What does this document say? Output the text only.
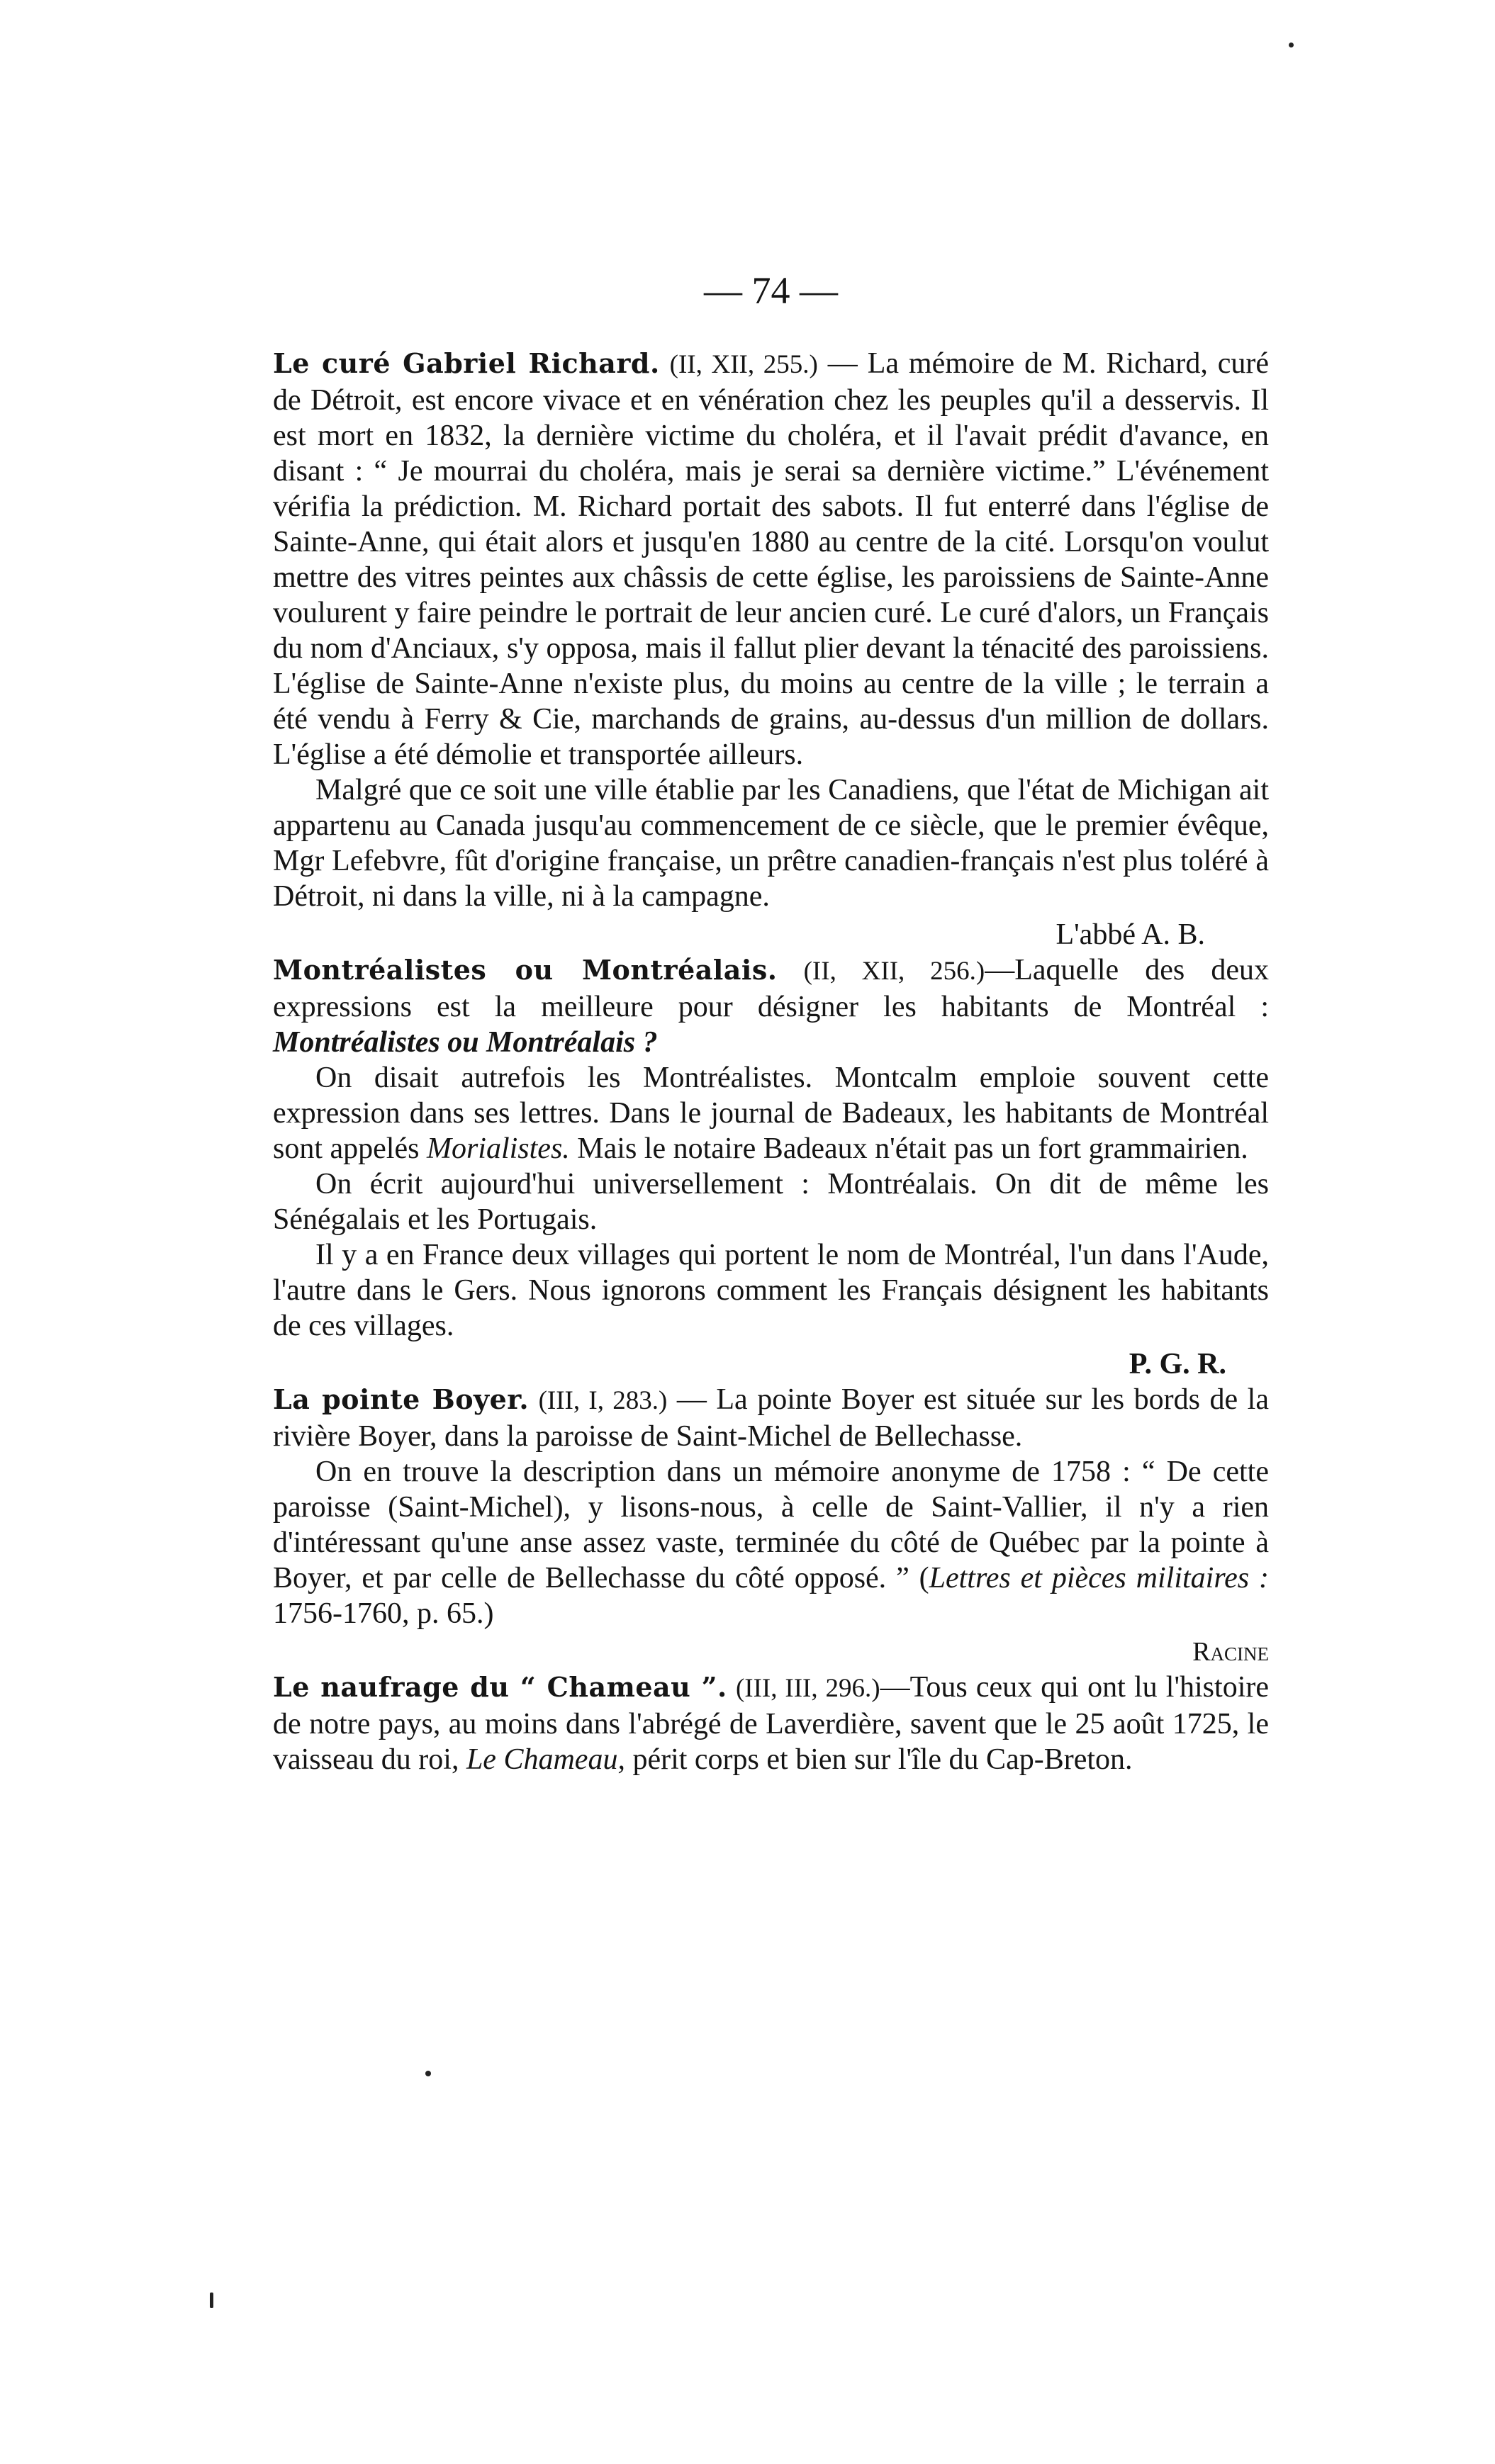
— 74 —

Le curé Gabriel Richard. (II, XII, 255.) — La mémoire de M. Richard, curé de Détroit, est encore vivace et en vénération chez les peuples qu'il a desservis. Il est mort en 1832, la dernière victime du choléra, et il l'avait prédit d'avance, en disant : “ Je mourrai du choléra, mais je serai sa dernière victime.” L'événement vérifia la prédiction. M. Richard portait des sabots. Il fut enterré dans l'église de Sainte-Anne, qui était alors et jusqu'en 1880 au centre de la cité. Lorsqu'on voulut mettre des vitres peintes aux châssis de cette église, les paroissiens de Sainte-Anne voulurent y faire peindre le portrait de leur ancien curé. Le curé d'alors, un Français du nom d'Anciaux, s'y opposa, mais il fallut plier devant la ténacité des paroissiens. L'église de Sainte-Anne n'existe plus, du moins au centre de la ville ; le terrain a été vendu à Ferry & Cie, marchands de grains, au-dessus d'un million de dollars. L'église a été démolie et transportée ailleurs.

Malgré que ce soit une ville établie par les Canadiens, que l'état de Michigan ait appartenu au Canada jusqu'au commencement de ce siècle, que le premier évêque, Mgr Lefebvre, fût d'origine française, un prêtre canadien-français n'est plus toléré à Détroit, ni dans la ville, ni à la campagne.

L'abbé A. B.

Montréalistes ou Montréalais. (II, XII, 256.)—Laquelle des deux expressions est la meilleure pour désigner les habitants de Montréal : Montréalistes ou Montréalais ?

On disait autrefois les Montréalistes. Montcalm emploie souvent cette expression dans ses lettres. Dans le journal de Badeaux, les habitants de Montréal sont appelés Morialistes. Mais le notaire Badeaux n'était pas un fort grammairien.

On écrit aujourd'hui universellement : Montréalais. On dit de même les Sénégalais et les Portugais.

Il y a en France deux villages qui portent le nom de Montréal, l'un dans l'Aude, l'autre dans le Gers. Nous ignorons comment les Français désignent les habitants de ces villages.

P. G. R.

La pointe Boyer. (III, I, 283.) — La pointe Boyer est située sur les bords de la rivière Boyer, dans la paroisse de Saint-Michel de Bellechasse.

On en trouve la description dans un mémoire anonyme de 1758 : “ De cette paroisse (Saint-Michel), y lisons-nous, à celle de Saint-Vallier, il n'y a rien d'intéressant qu'une anse assez vaste, terminée du côté de Québec par la pointe à Boyer, et par celle de Bellechasse du côté opposé. ” (Lettres et pièces militaires : 1756-1760, p. 65.)

Racine

Le naufrage du “ Chameau ”. (III, III, 296.)—Tous ceux qui ont lu l'histoire de notre pays, au moins dans l'abrégé de Laverdière, savent que le 25 août 1725, le vaisseau du roi, Le Chameau, périt corps et bien sur l'île du Cap-Breton.
